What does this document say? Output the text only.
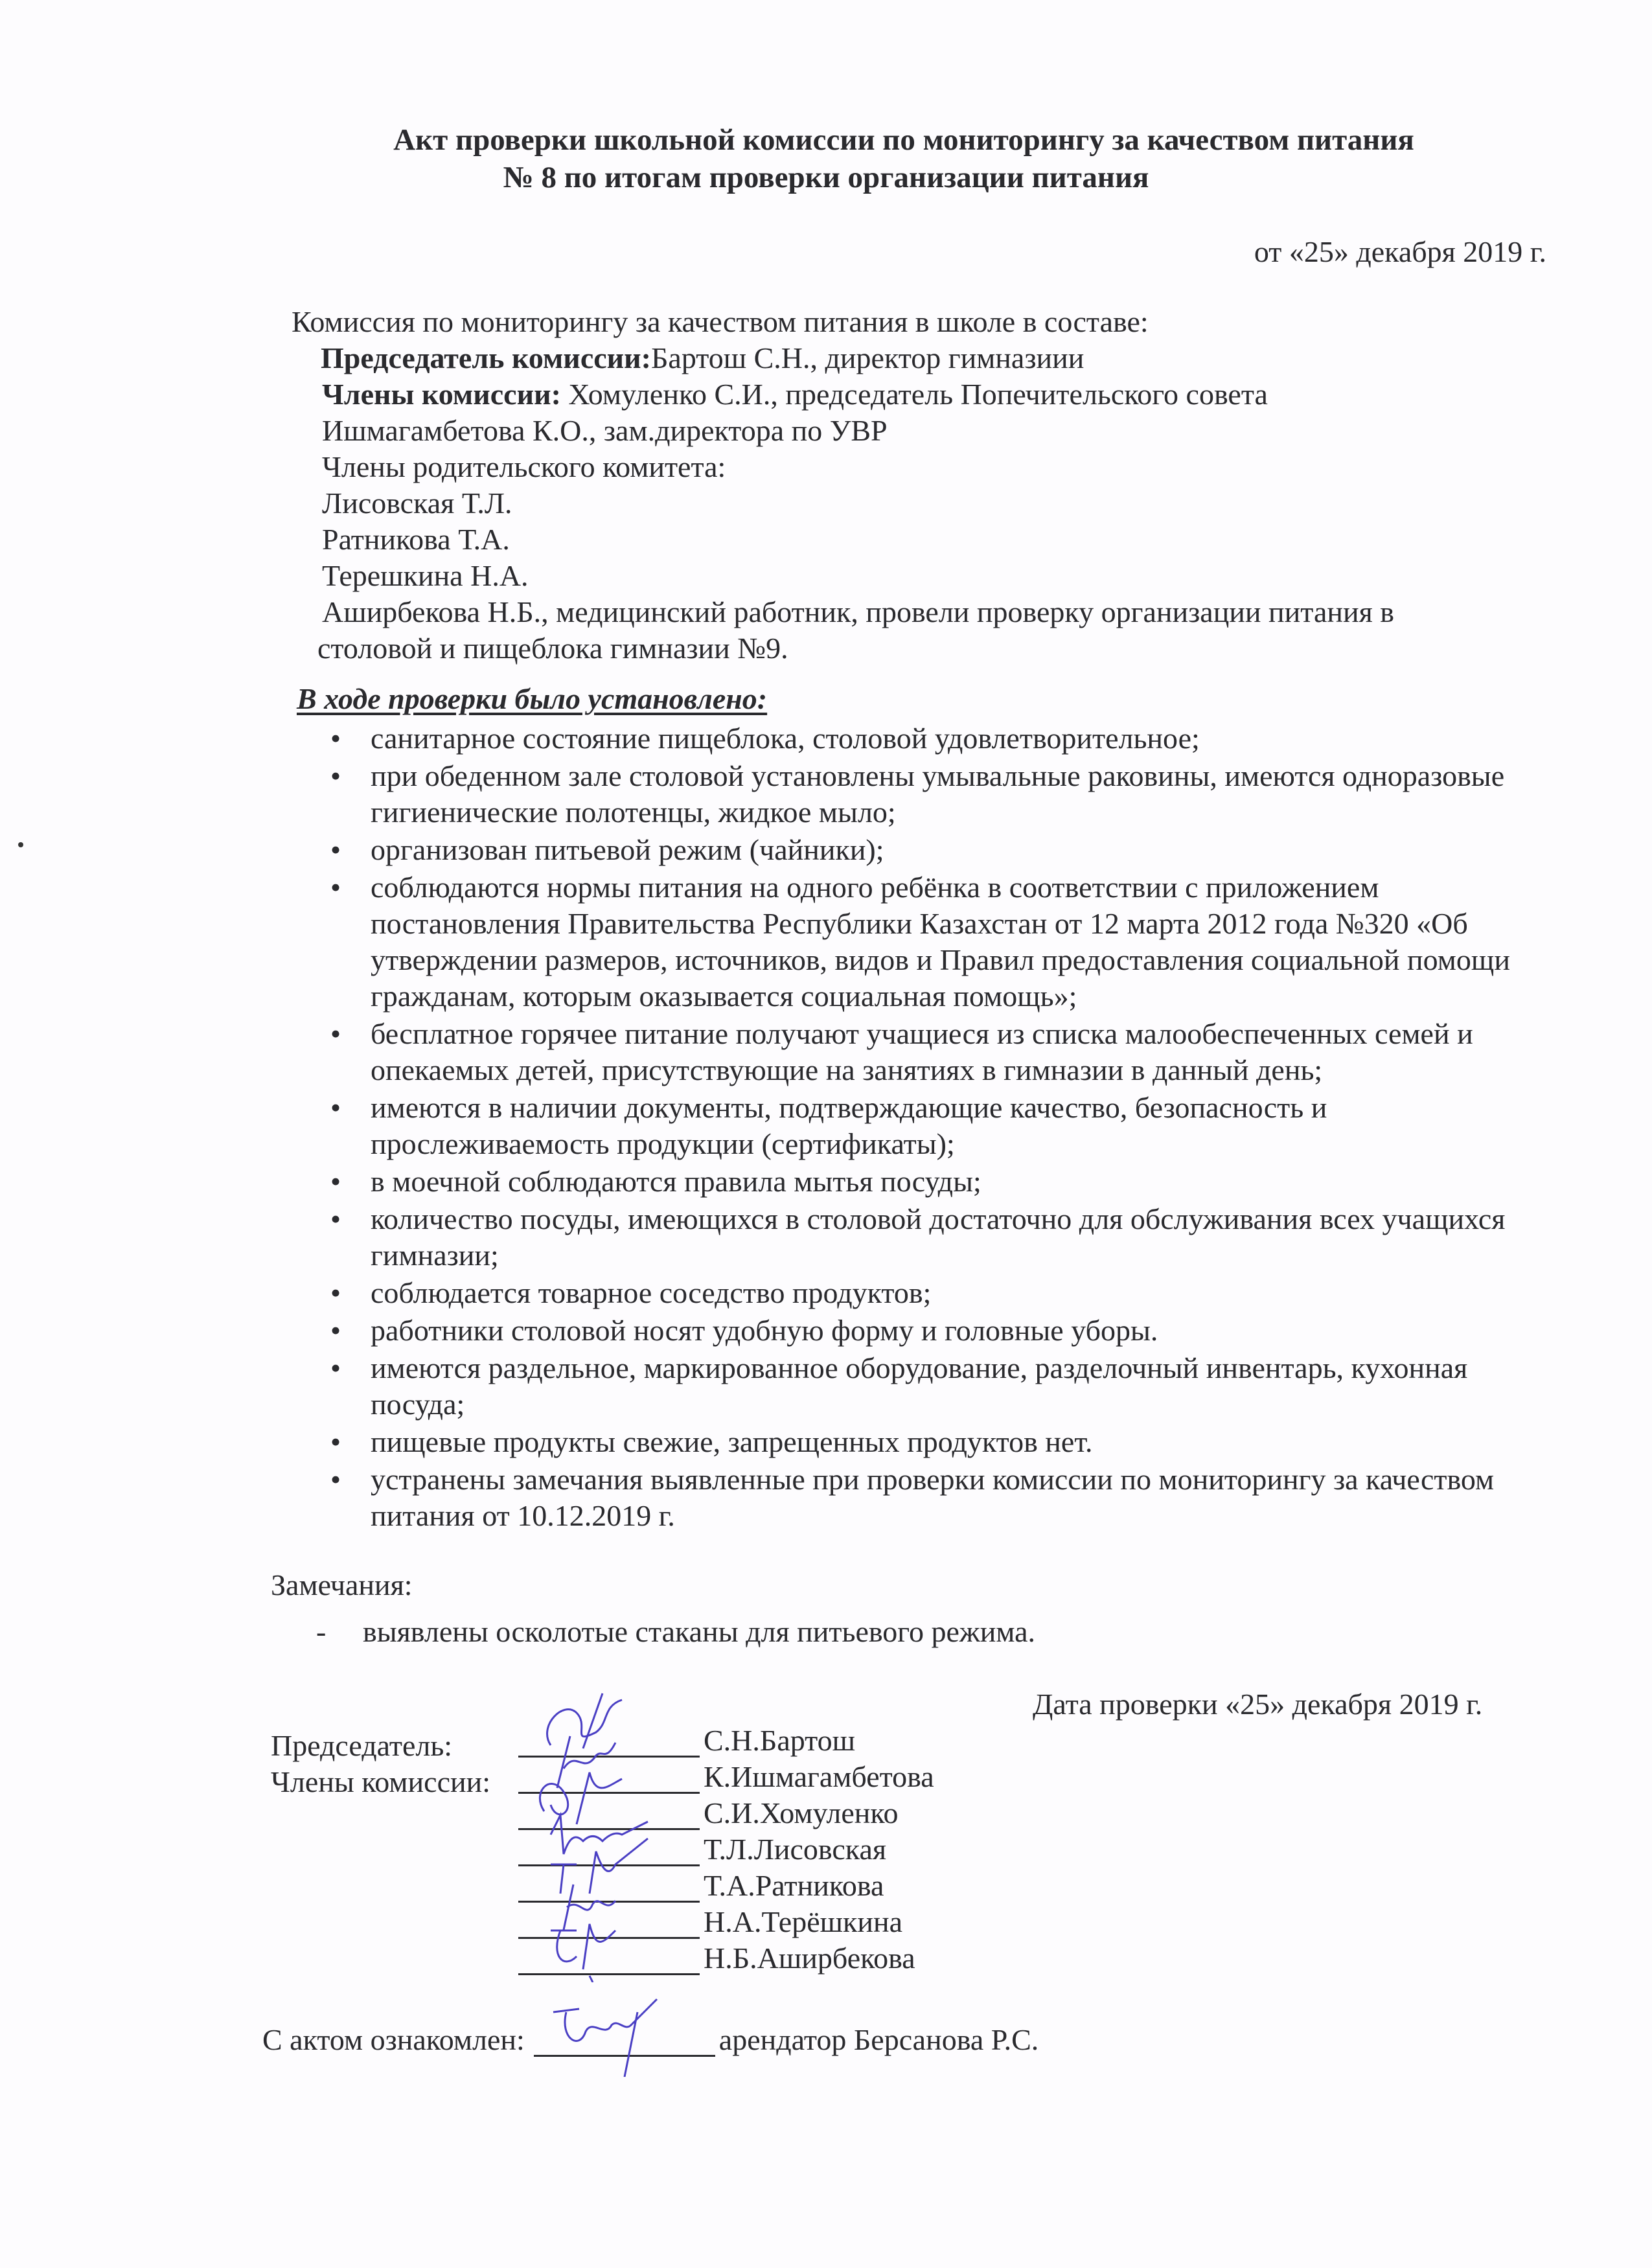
Акт проверки школьной комиссии по мониторингу за качеством питания
№ 8 по итогам проверки организации питания
от «25» декабря 2019 г.
Комиссия по мониторингу за качеством питания в школе в составе:
Председатель комиссии:Бартош С.Н., директор гимназиии
Члены комиссии: Хомуленко С.И., председатель Попечительского совета
Ишмагамбетова К.О., зам.директора по УВР
Члены родительского комитета:
Лисовская Т.Л.
Ратникова Т.А.
Терешкина Н.А.
Аширбекова Н.Б., медицинский работник, провели проверку организации питания в
столовой и пищеблока гимназии №9.
В ходе проверки было установлено:
• санитарное состояние пищеблока, столовой удовлетворительное;
• при обеденном зале столовой установлены умывальные раковины, имеются одноразовые гигиенические полотенцы, жидкое мыло;
• организован питьевой режим (чайники);
• соблюдаются нормы питания на одного ребёнка в соответствии с приложением постановления Правительства Республики Казахстан от 12 марта 2012 года №320 «Об утверждении размеров, источников, видов и Правил предоставления социальной помощи гражданам, которым оказывается социальная помощь»;
• бесплатное горячее питание получают учащиеся из списка малообеспеченных семей и опекаемых детей, присутствующие на занятиях в гимназии в данный день;
• имеются в наличии документы, подтверждающие качество, безопасность и прослеживаемость продукции (сертификаты);
• в моечной соблюдаются правила мытья посуды;
• количество посуды, имеющихся в столовой достаточно для обслуживания всех учащихся гимназии;
• соблюдается товарное соседство продуктов;
• работники столовой носят удобную форму и головные уборы.
• имеются раздельное, маркированное оборудование, разделочный инвентарь, кухонная посуда;
• пищевые продукты свежие, запрещенных продуктов нет.
• устранены замечания выявленные при проверки комиссии по мониторингу за качеством питания от 10.12.2019 г.
Замечания:
- выявлены осколотые стаканы для питьевого режима.
Дата проверки «25» декабря 2019 г.
Председатель:
Члены комиссии:
С.Н.Бартош
К.Ишмагамбетова
С.И.Хомуленко
Т.Л.Лисовская
Т.А.Ратникова
Н.А.Терёшкина
Н.Б.Аширбекова
С актом ознакомлен:	арендатор Берсанова Р.С.
